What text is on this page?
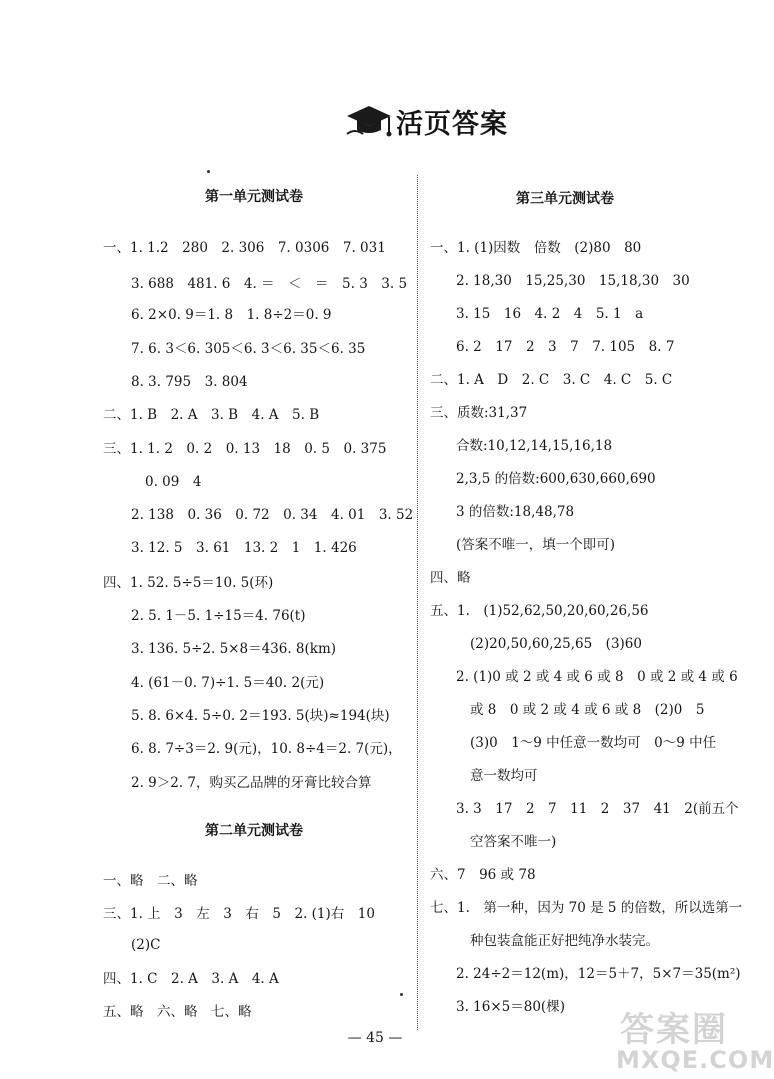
活页答案
第一单元测试卷
一、1. 1.2　280　2. 306　7. 0306̇　7. 031
3. 688　481. 6　4. ＝　＜　＝　5. 3　3. 5
6. 2×0. 9＝1. 8　1. 8÷2＝0. 9
7. 6. 3＜6. 305＜6. 3̇＜6. 35＜6. 35̇
8. 3. 795　3. 804
二、1. B　2. A　3. B　4. A　5. B
三、1. 1. 2　0. 2　0. 13　18　0. 5　0. 375
0. 09　4
2. 138　0. 36　0. 72　0. 34　4. 01　3. 52
3. 12. 5　3. 61　13. 2　1　1. 426
四、1. 52. 5÷5＝10. 5(环)
2. 5. 1－5. 1÷15＝4. 76(t)
3. 136. 5÷2. 5×8＝436. 8(km)
4. (61－0. 7)÷1. 5＝40. 2(元)
5. 8. 6×4. 5÷0. 2＝193. 5(块)≈194(块)
6. 8. 7÷3＝2. 9(元)，10. 8÷4＝2. 7(元)，
2. 9＞2. 7，购买乙品牌的牙膏比较合算
第二单元测试卷
一、略　二、略
三、1. 上　3　左　3　右　5　2. (1)右　10
(2)C
四、1. C　2. A　3. A　4. A
五、略　六、略　七、略
第三单元测试卷
一、1. (1)因数　倍数　(2)80　80
2. 18,30　15,25,30　15,18,30　30
3. 15　16　4. 2　4　5. 1　a
6. 2　17　2　3　7　7. 105　8. 7
二、1. A　D　2. C　3. C　4. C　5. C
三、质数:31,37
合数:10,12,14,15,16,18
2,3,5 的倍数:600,630,660,690
3 的倍数:18,48,78
(答案不唯一，填一个即可)
四、略
五、1.　(1)52,62,50,20,60,26,56
(2)20,50,60,25,65　(3)60
2. (1)0 或 2 或 4 或 6 或 8　0 或 2 或 4 或 6
或 8　0 或 2 或 4 或 6 或 8　(2)0　5
(3)0　1～9 中任意一数均可　0～9 中任
意一数均可
3. 3　17　2　7　11　2　37　41　2(前五个
空答案不唯一)
六、7　96 或 78
七、1.　第一种，因为 70 是 5 的倍数，所以选第一
种包装盒能正好把纯净水装完。
2. 24÷2＝12(m)，12＝5＋7，5×7＝35(m²)
3. 16×5＝80(棵)
— 45 —	答案圈
MXQE.COM
